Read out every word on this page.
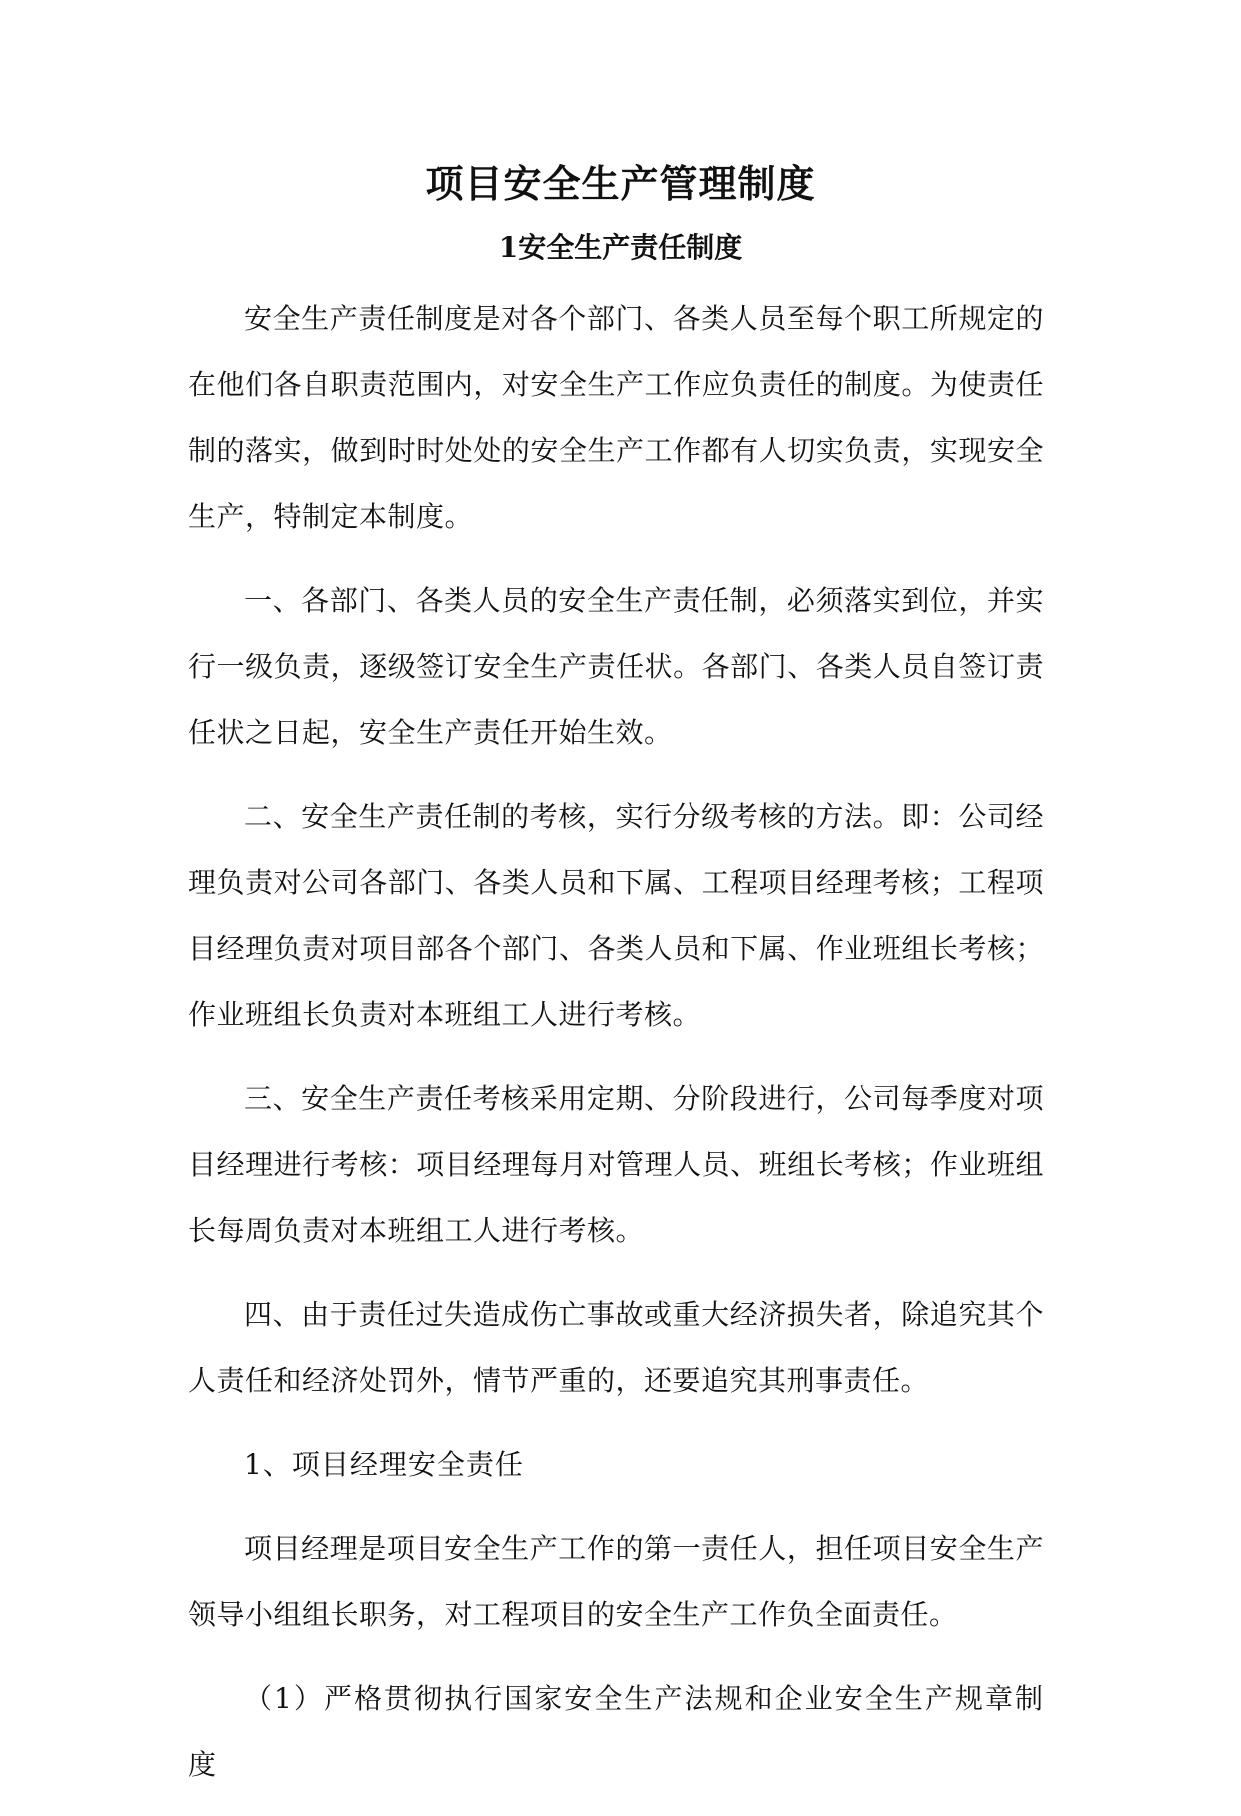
项目安全生产管理制度
1安全生产责任制度

安全生产责任制度是对各个部门、各类人员至每个职工所规定的在他们各自职责范围内，对安全生产工作应负责任的制度。为使责任制的落实，做到时时处处的安全生产工作都有人切实负责，实现安全生产，特制定本制度。

一、各部门、各类人员的安全生产责任制，必须落实到位，并实行一级负责，逐级签订安全生产责任状。各部门、各类人员自签订责任状之日起，安全生产责任开始生效。

二、安全生产责任制的考核，实行分级考核的方法。即：公司经理负责对公司各部门、各类人员和下属、工程项目经理考核；工程项目经理负责对项目部各个部门、各类人员和下属、作业班组长考核；作业班组长负责对本班组工人进行考核。

三、安全生产责任考核采用定期、分阶段进行，公司每季度对项目经理进行考核：项目经理每月对管理人员、班组长考核；作业班组长每周负责对本班组工人进行考核。

四、由于责任过失造成伤亡事故或重大经济损失者，除追究其个人责任和经济处罚外，情节严重的，还要追究其刑事责任。

1、项目经理安全责任

项目经理是项目安全生产工作的第一责任人，担任项目安全生产领导小组组长职务，对工程项目的安全生产工作负全面责任。

（1）严格贯彻执行国家安全生产法规和企业安全生产规章制度
